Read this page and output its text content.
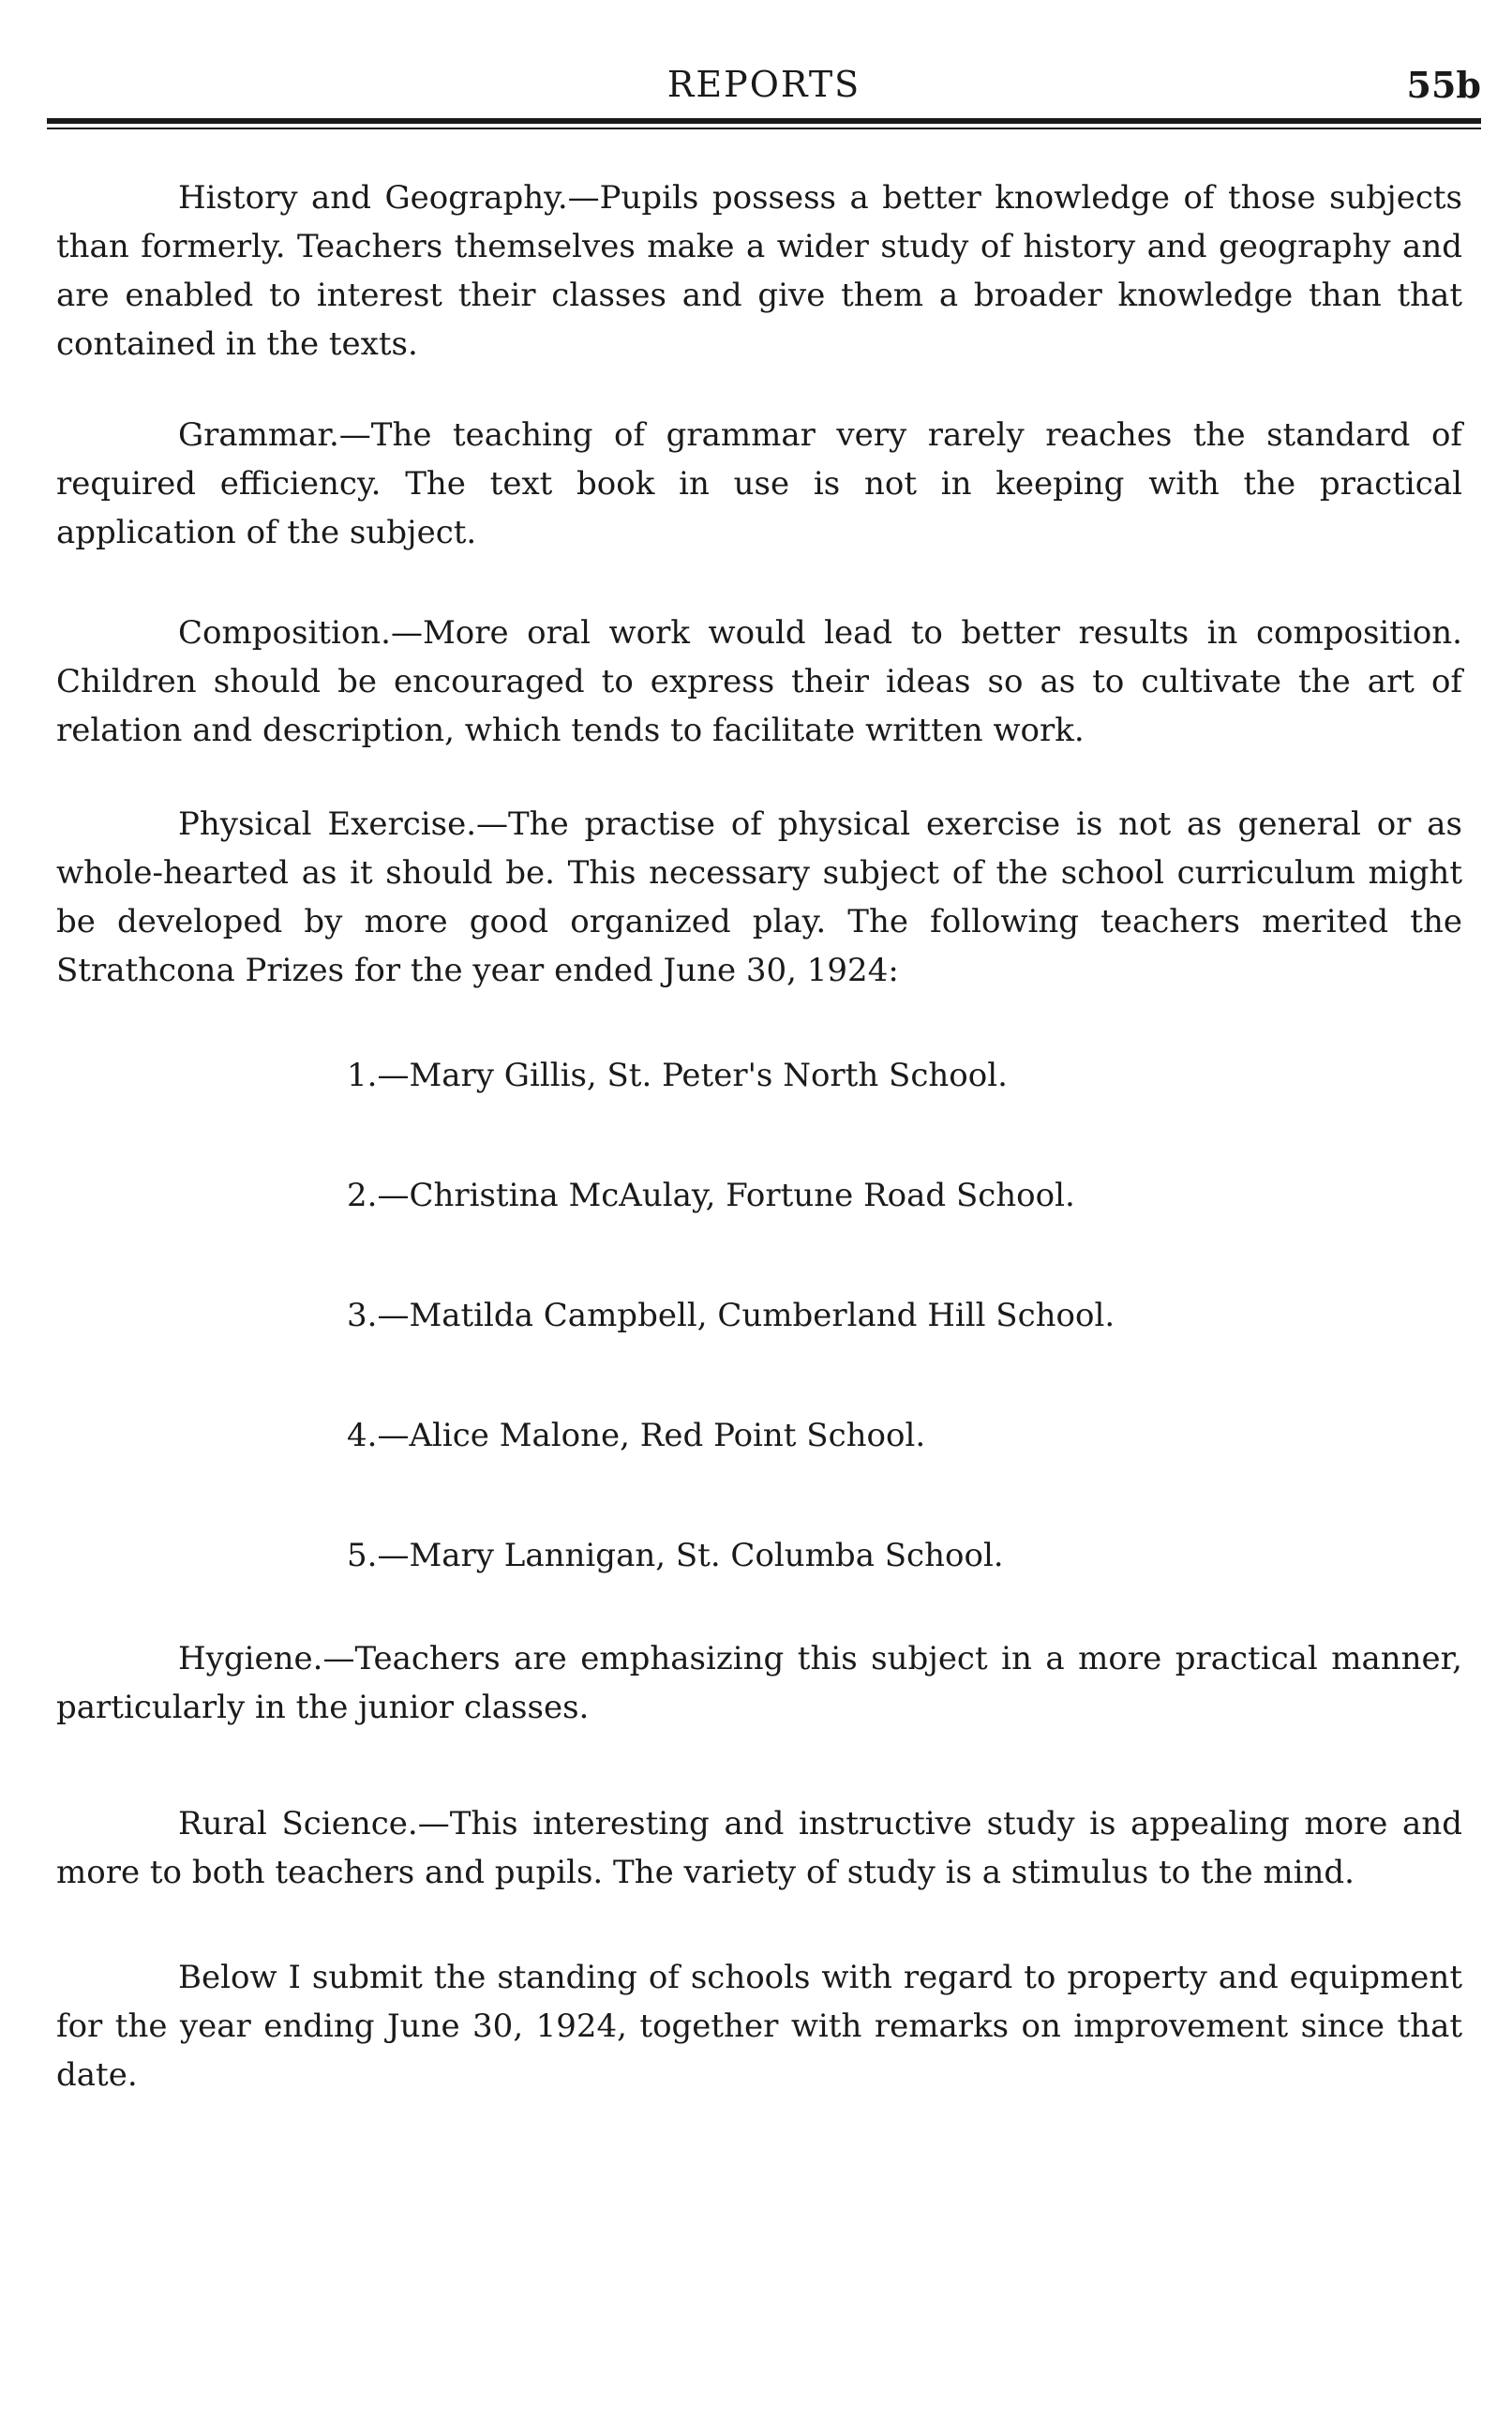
REPORTS	55b

History and Geography.—Pupils possess a better knowledge of those subjects than formerly. Teachers themselves make a wider study of history and geography and are enabled to interest their classes and give them a broader knowledge than that contained in the texts.

Grammar.—The teaching of grammar very rarely reaches the standard of required efficiency. The text book in use is not in keeping with the practical application of the subject.

Composition.—More oral work would lead to better results in composition. Children should be encouraged to express their ideas so as to cultivate the art of relation and description, which tends to facilitate written work.

Physical Exercise.—The practise of physical exercise is not as general or as whole-hearted as it should be. This necessary subject of the school curriculum might be developed by more good organized play. The following teachers merited the Strathcona Prizes for the year ended June 30, 1924:

1.—Mary Gillis, St. Peter's North School.
2.—Christina McAulay, Fortune Road School.
3.—Matilda Campbell, Cumberland Hill School.
4.—Alice Malone, Red Point School.
5.—Mary Lannigan, St. Columba School.

Hygiene.—Teachers are emphasizing this subject in a more practical manner, particularly in the junior classes.

Rural Science.—This interesting and instructive study is appealing more and more to both teachers and pupils. The variety of study is a stimulus to the mind.

Below I submit the standing of schools with regard to property and equipment for the year ending June 30, 1924, together with remarks on improvement since that date.
